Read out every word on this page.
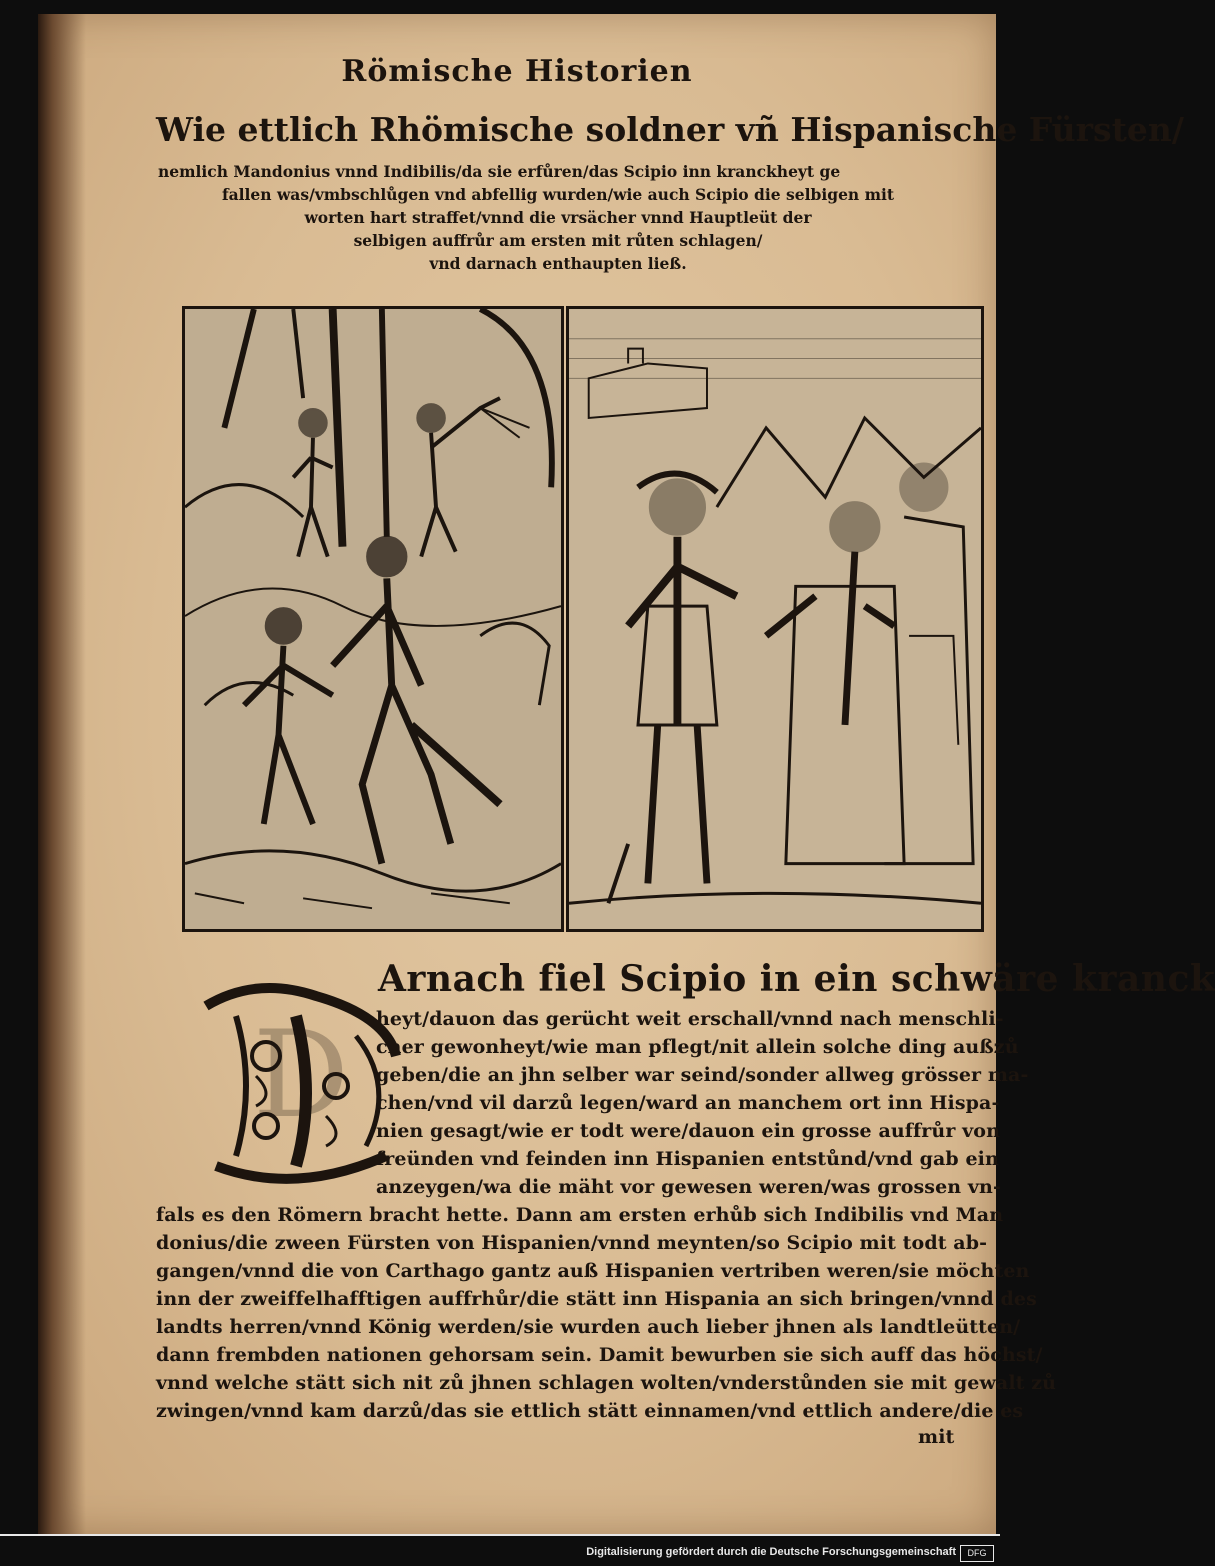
Römische Historien
Wie ettlich Rhömische soldner vñ Hispanische Fürsten/
nemlich Mandonius vnnd Indibilis/da sie erfůren/das Scipio inn kranckheyt ge
fallen was/vmbschlůgen vnd abfellig wurden/wie auch Scipio die selbigen mit
worten hart straffet/vnnd die vrsächer vnnd Hauptleüt der
selbigen auffrůr am ersten mit růten schlagen/
vnd darnach enthaupten ließ.
D
Arnach fiel Scipio in ein schwäre kranck
heyt/dauon das gerücht weit erschall/vnnd nach menschli-
cher gewonheyt/wie man pflegt/nit allein solche ding außzů
geben/die an jhn selber war seind/sonder allweg grösser ma-
chen/vnd vil darzů legen/ward an manchem ort inn Hispa-
nien gesagt/wie er todt were/dauon ein grosse auffrůr von
freünden vnd feinden inn Hispanien entstůnd/vnd gab ein
anzeygen/wa die mäht vor gewesen weren/was grossen vn-
fals es den Römern bracht hette. Dann am ersten erhůb sich Indibilis vnd Man
donius/die zween Fürsten von Hispanien/vnnd meynten/so Scipio mit todt ab-
gangen/vnnd die von Carthago gantz auß Hispanien vertriben weren/sie möchten
inn der zweiffelhafftigen auffrhůr/die stätt inn Hispania an sich bringen/vnnd des
landts herren/vnnd König werden/sie wurden auch lieber jhnen als landtleütten/
dann frembden nationen gehorsam sein. Damit bewurben sie sich auff das höchst/
vnnd welche stätt sich nit zů jhnen schlagen wolten/vnderstůnden sie mit gewalt zů
zwingen/vnnd kam darzů/das sie ettlich stätt einnamen/vnd ettlich andere/die es
mit
Digitalisierung gefördert durch die Deutsche Forschungsgemeinschaft	DFG
